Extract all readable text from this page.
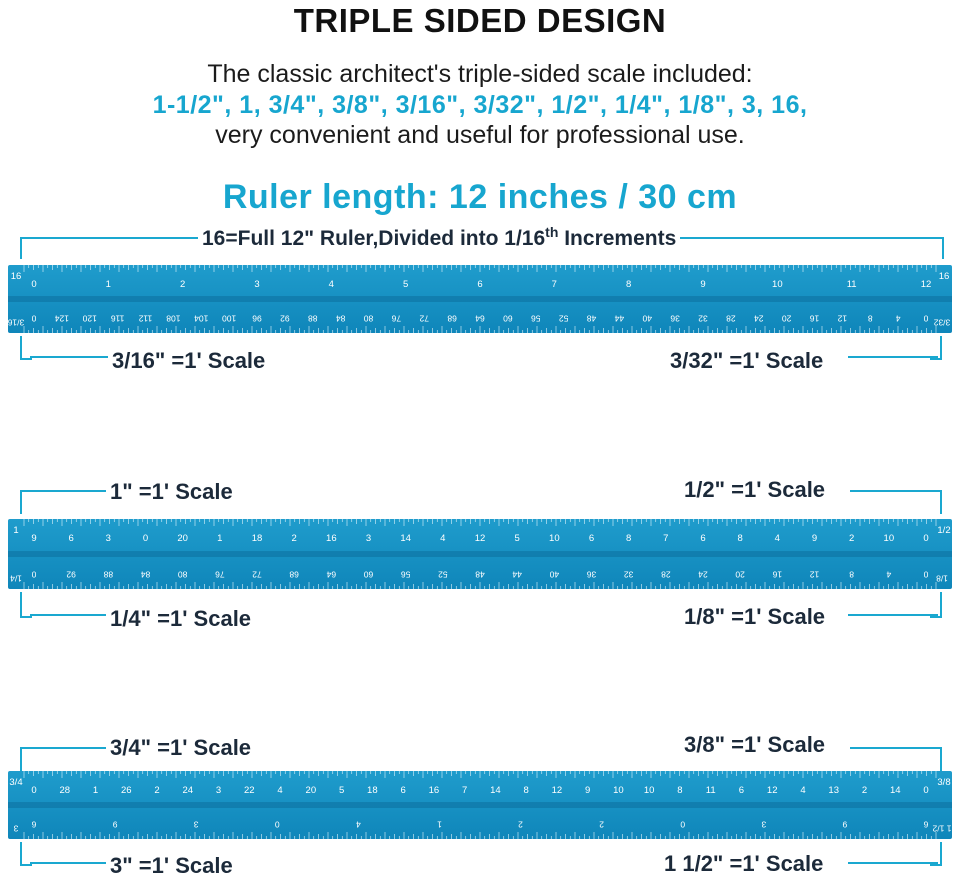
TRIPLE SIDED DESIGN
The classic architect's triple-sided scale included:
1-1/2", 1, 3/4", 3/8", 3/16", 3/32", 1/2", 1/4", 1/8", 3, 16,
very convenient and useful for professional use.
Ruler length: 12 inches / 30 cm
16=Full 12" Ruler,Divided into 1/16th Increments
0	1	2	3	4	5	6	7	8	9	10	11	12
0 124 120 116 112 108 104 100 96 92 88 84 80 76 72 68 64 60 56 52 48 44 40 36 32 28 24 20 16 12 8	4	0
16	16
3/16	3/32
3/16" =1' Scale	3/32" =1' Scale
1" =1' Scale	1/2" =1' Scale
9	6	3	0	20	1	18	2	16	3	14	4	12	5	10	6	8	7	6	8	4	9	2	10	0
0	92	88	84	80	76	72	68	64	60	56	52	48	44	40	36	32	28	24	20	16	12	8	4	0
1	1/2
1/4	1/8
1/4" =1' Scale	1/8" =1' Scale
3/4" =1' Scale	3/8" =1' Scale
0 28 1 26 2 24 3 22 4 20 5 18 6 16 7 14 8 12 9 10 10 8 11 6 12 4 13 2 14 0
6	9	3	0	4	1	2	2	0	3	9	6
3/4	3/8
3	1 1/2
3" =1' Scale	1 1/2" =1' Scale
